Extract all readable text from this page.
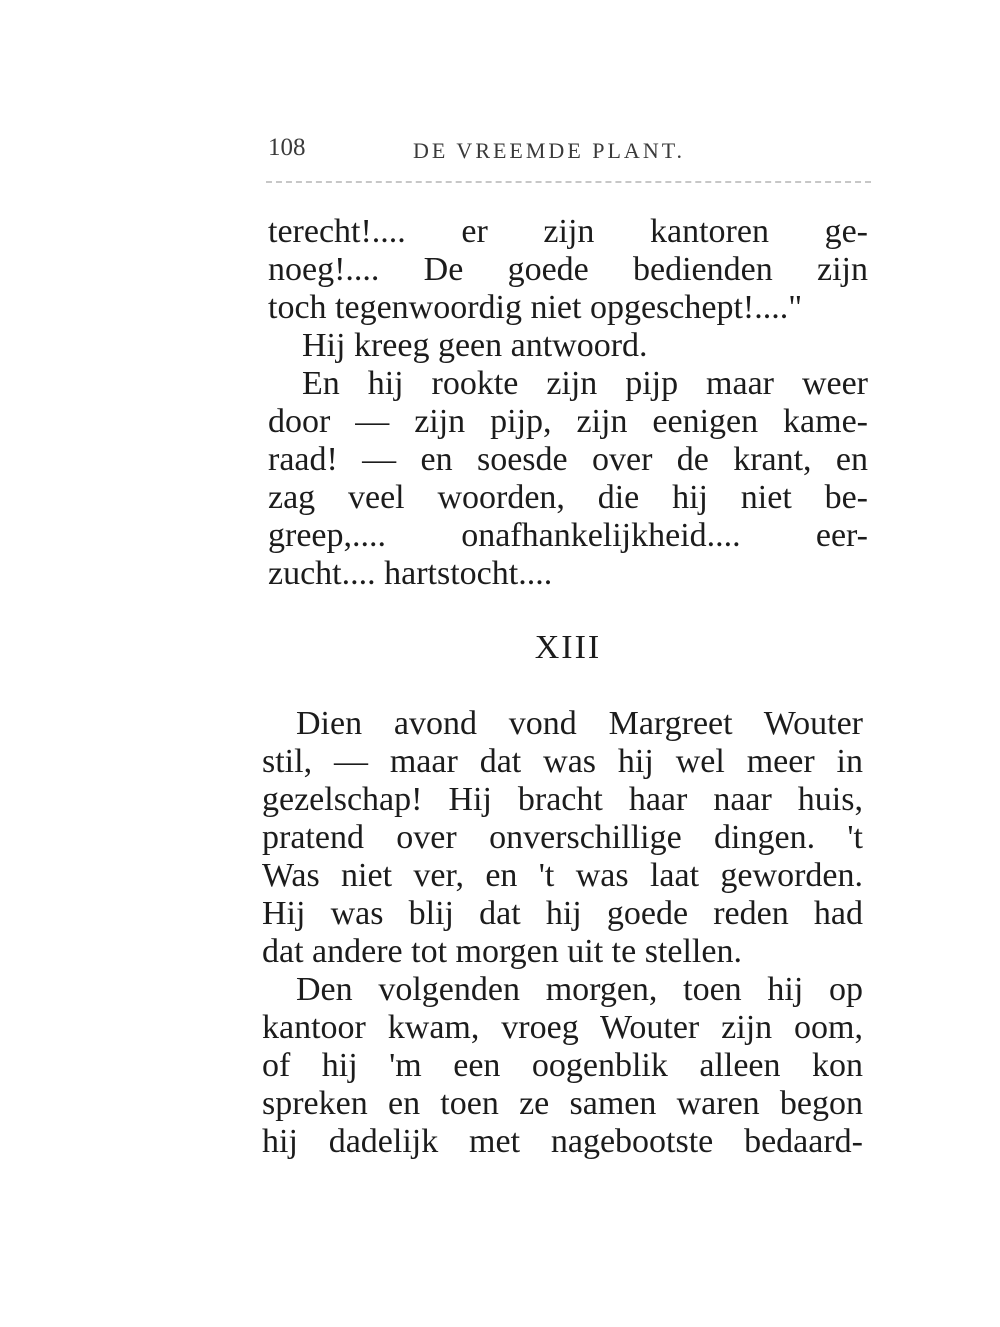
108	DE VREEMDE PLANT.

terecht!.... er zijn kantoren ge-

noeg!.... De goede bedienden zijn

toch tegenwoordig niet opgeschept!...."

Hij kreeg geen antwoord.

En hij rookte zijn pijp maar weer

door — zijn pijp, zijn eenigen kame-

raad! — en soesde over de krant, en

zag veel woorden, die hij niet be-

greep,.... onafhankelijkheid.... eer-

zucht.... hartstocht....

XIII

Dien avond vond Margreet Wouter

stil, — maar dat was hij wel meer in

gezelschap! Hij bracht haar naar huis,

pratend over onverschillige dingen. 't

Was niet ver, en 't was laat geworden.

Hij was blij dat hij goede reden had

dat andere tot morgen uit te stellen.

Den volgenden morgen, toen hij op

kantoor kwam, vroeg Wouter zijn oom,

of hij 'm een oogenblik alleen kon

spreken en toen ze samen waren begon

hij dadelijk met nagebootste bedaard-
